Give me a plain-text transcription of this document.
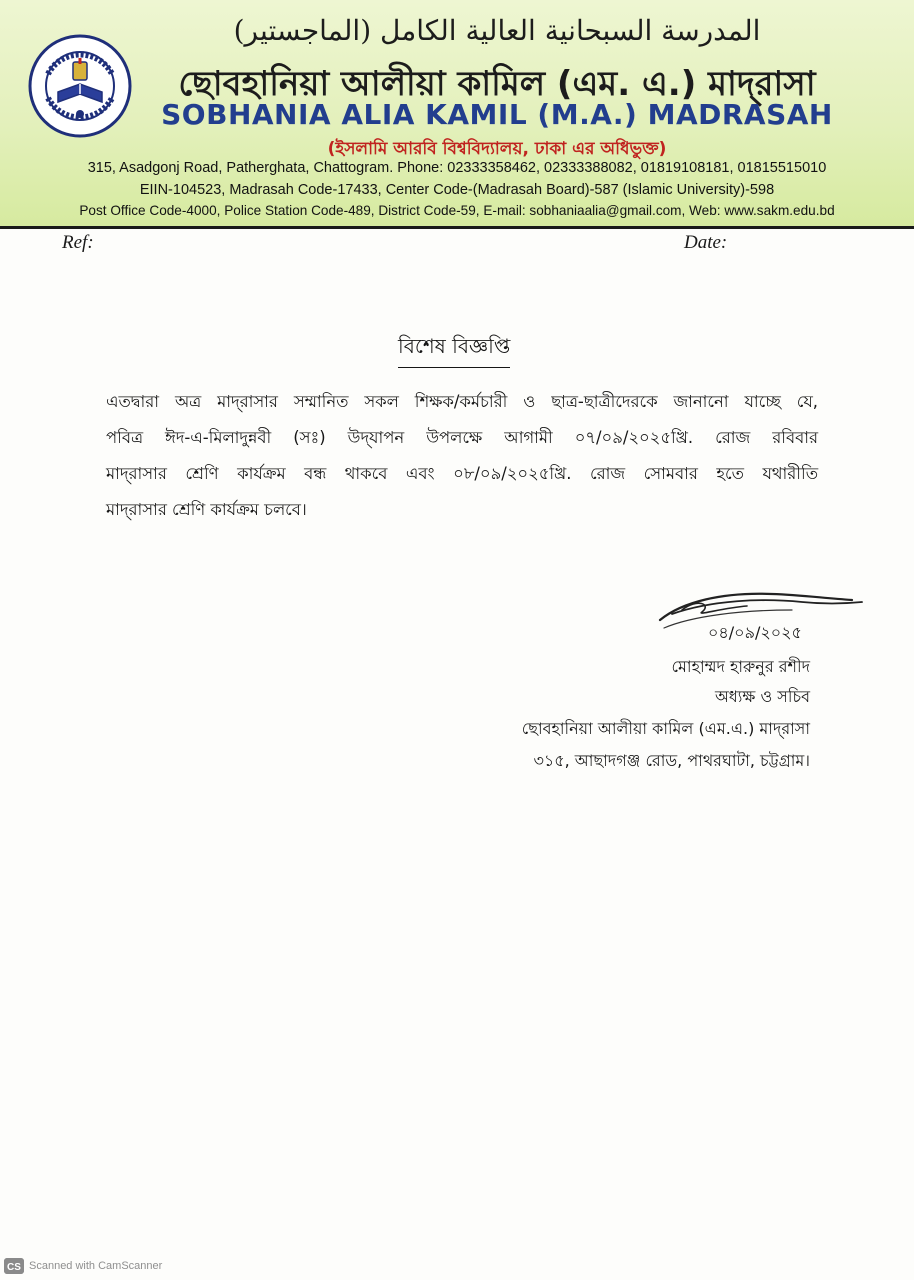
المدرسة السبحانية العالية الكامل (الماجستير)
ছোবহানিয়া আলীয়া কামিল (এম. এ.) মাদ্‌রাসা
SOBHANIA ALIA KAMIL (M.A.) MADRASAH
(ইসলামি আরবি বিশ্ববিদ্যালয়, ঢাকা এর অধিভুক্ত)
315, Asadgonj Road, Patherghata, Chattogram. Phone: 02333358462, 02333388082, 01819108181, 01815515010
EIIN-104523, Madrasah Code-17433, Center Code-(Madrasah Board)-587 (Islamic University)-598
Post Office Code-4000, Police Station Code-489, District Code-59, E-mail: sobhaniaalia@gmail.com, Web: www.sakm.edu.bd
Ref:	Date:
বিশেষ বিজ্ঞপ্তি
এতদ্বারা অত্র মাদ্‌রাসার সম্মানিত সকল শিক্ষক/কর্মচারী ও ছাত্র-ছাত্রীদেরকে জানানো যাচ্ছে যে,
পবিত্র ঈদ-এ-মিলাদুন্নবী (সঃ) উদ্‌যাপন উপলক্ষে আগামী ০৭/০৯/২০২৫খ্রি. রোজ রবিবার
মাদ্‌রাসার শ্রেণি কার্যক্রম বন্ধ থাকবে এবং ০৮/০৯/২০২৫খ্রি. রোজ সোমবার হতে যথারীতি
মাদ্‌রাসার শ্রেণি কার্যক্রম চলবে।
০৪/০৯/২০২৫
মোহাম্মদ হারুনুর রশীদ
অধ্যক্ষ ও সচিব
ছোবহানিয়া আলীয়া কামিল (এম.এ.) মাদ্‌রাসা
৩১৫, আছাদগঞ্জ রোড, পাথরঘাটা, চট্টগ্রাম।
CS Scanned with CamScanner
